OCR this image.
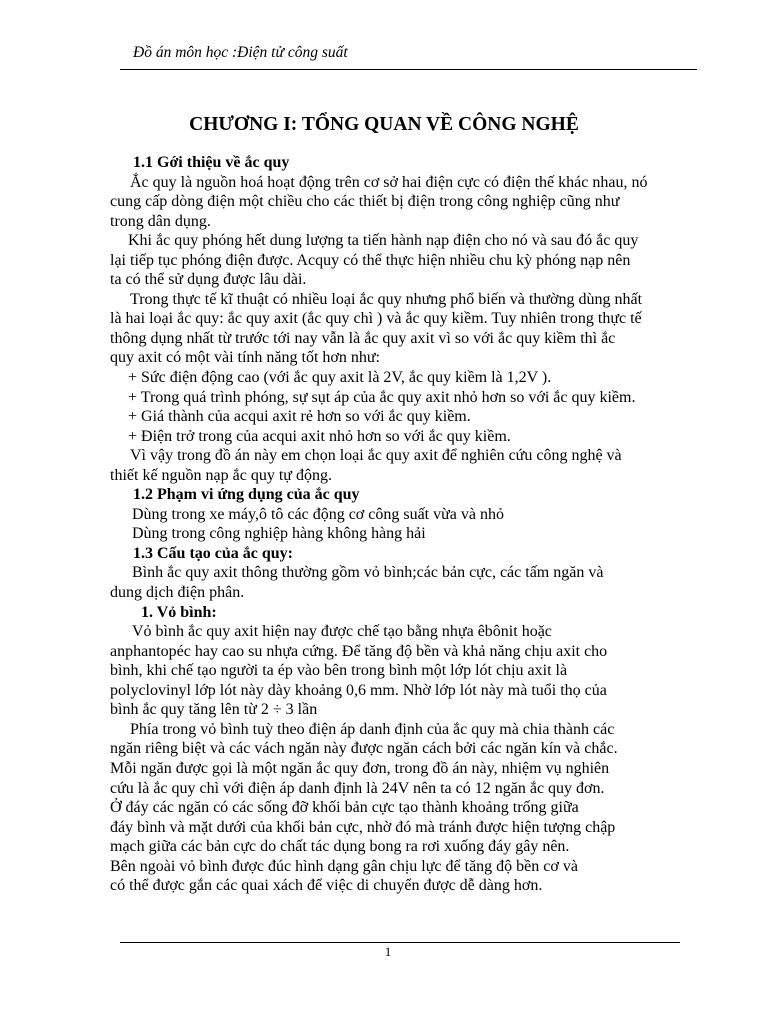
Đồ án môn học :Điện tử công suất
CHƯƠNG I: TỔNG QUAN VỀ CÔNG NGHỆ
1.1 Gới thiệu về ắc quy
Ắc quy là nguồn hoá hoạt động trên cơ sở hai điện cực có điện thế khác nhau, nó
cung cấp dòng điện một chiều cho các thiết bị điện trong công nghiệp cũng như
trong dân dụng.
Khi ắc quy phóng hết dung lượng ta tiến hành nạp điện cho nó và sau đó ắc quy
lại tiếp tục phóng điện được. Acquy có thể thực hiện nhiều chu kỳ phóng nạp nên
ta có thể sử dụng được lâu dài.
Trong thực tế kĩ thuật có nhiều loại ắc quy nhưng phổ biến và thường dùng nhất
là hai loại ắc quy: ắc quy axit (ắc quy chì ) và ắc quy kiềm. Tuy nhiên trong thực tế
thông dụng nhất từ trước tới nay vẫn là ắc quy axit vì so với ắc quy kiềm thì ắc
quy axit có một vài tính năng tốt hơn như:
+ Sức điện động cao (với ắc quy axit là 2V, ắc quy kiềm là 1,2V ).
+ Trong quá trình phóng, sự sụt áp của ắc quy axit nhỏ hơn so với ắc quy kiềm.
+ Giá thành của acqui axit rẻ hơn so với ắc quy kiềm.
+ Điện trở trong của acqui axit nhỏ hơn so với ắc quy kiềm.
Vì vậy trong đồ án này em chọn loại ắc quy axit để nghiên cứu công nghệ và
thiết kế nguồn nạp ắc quy tự động.
1.2 Phạm vi ứng dụng của ắc quy
Dùng trong xe máy,ô tô các động cơ công suất vừa và nhỏ
Dùng trong công nghiệp hàng không hàng hải
1.3 Cấu tạo của ắc quy:
Bình ắc quy axit thông thường gồm vỏ bình;các bản cực, các tấm ngăn và
dung dịch điện phân.
1. Vỏ bình:
Vỏ bình ắc quy axit hiện nay được chế tạo bằng nhựa êbônit hoặc
anphantopéc hay cao su nhựa cứng. Để tăng độ bền và khả năng chịu axit cho
bình, khi chế tạo người ta ép vào bên trong bình một lớp lót chịu axit là
polyclovinyl lớp lót này dày khoảng 0,6 mm. Nhờ lớp lót này mà tuổi thọ của
bình ắc quy tăng lên từ 2 ÷ 3 lần
Phía trong vỏ bình tuỳ theo điện áp danh định của ắc quy mà chia thành các
ngăn riêng biệt và các vách ngăn này được ngăn cách bởi các ngăn kín và chắc.
Mỗi ngăn được gọi là một ngăn ắc quy đơn, trong đồ án này, nhiệm vụ nghiên
cứu là ắc quy chì với điện áp danh định là 24V nên ta có 12 ngăn ắc quy đơn.
Ở đáy các ngăn có các sống đỡ khối bản cực tạo thành khoảng trống giữa
đáy bình và mặt dưới của khối bản cực, nhờ đó mà tránh được hiện tượng chập
mạch giữa các bản cực do chất tác dụng bong ra rơi xuống đáy gây nên.
Bên ngoài vỏ bình được đúc hình dạng gân chịu lực để tăng độ bền cơ và
có thể được gắn các quai xách để việc di chuyển được dễ dàng hơn.
1
